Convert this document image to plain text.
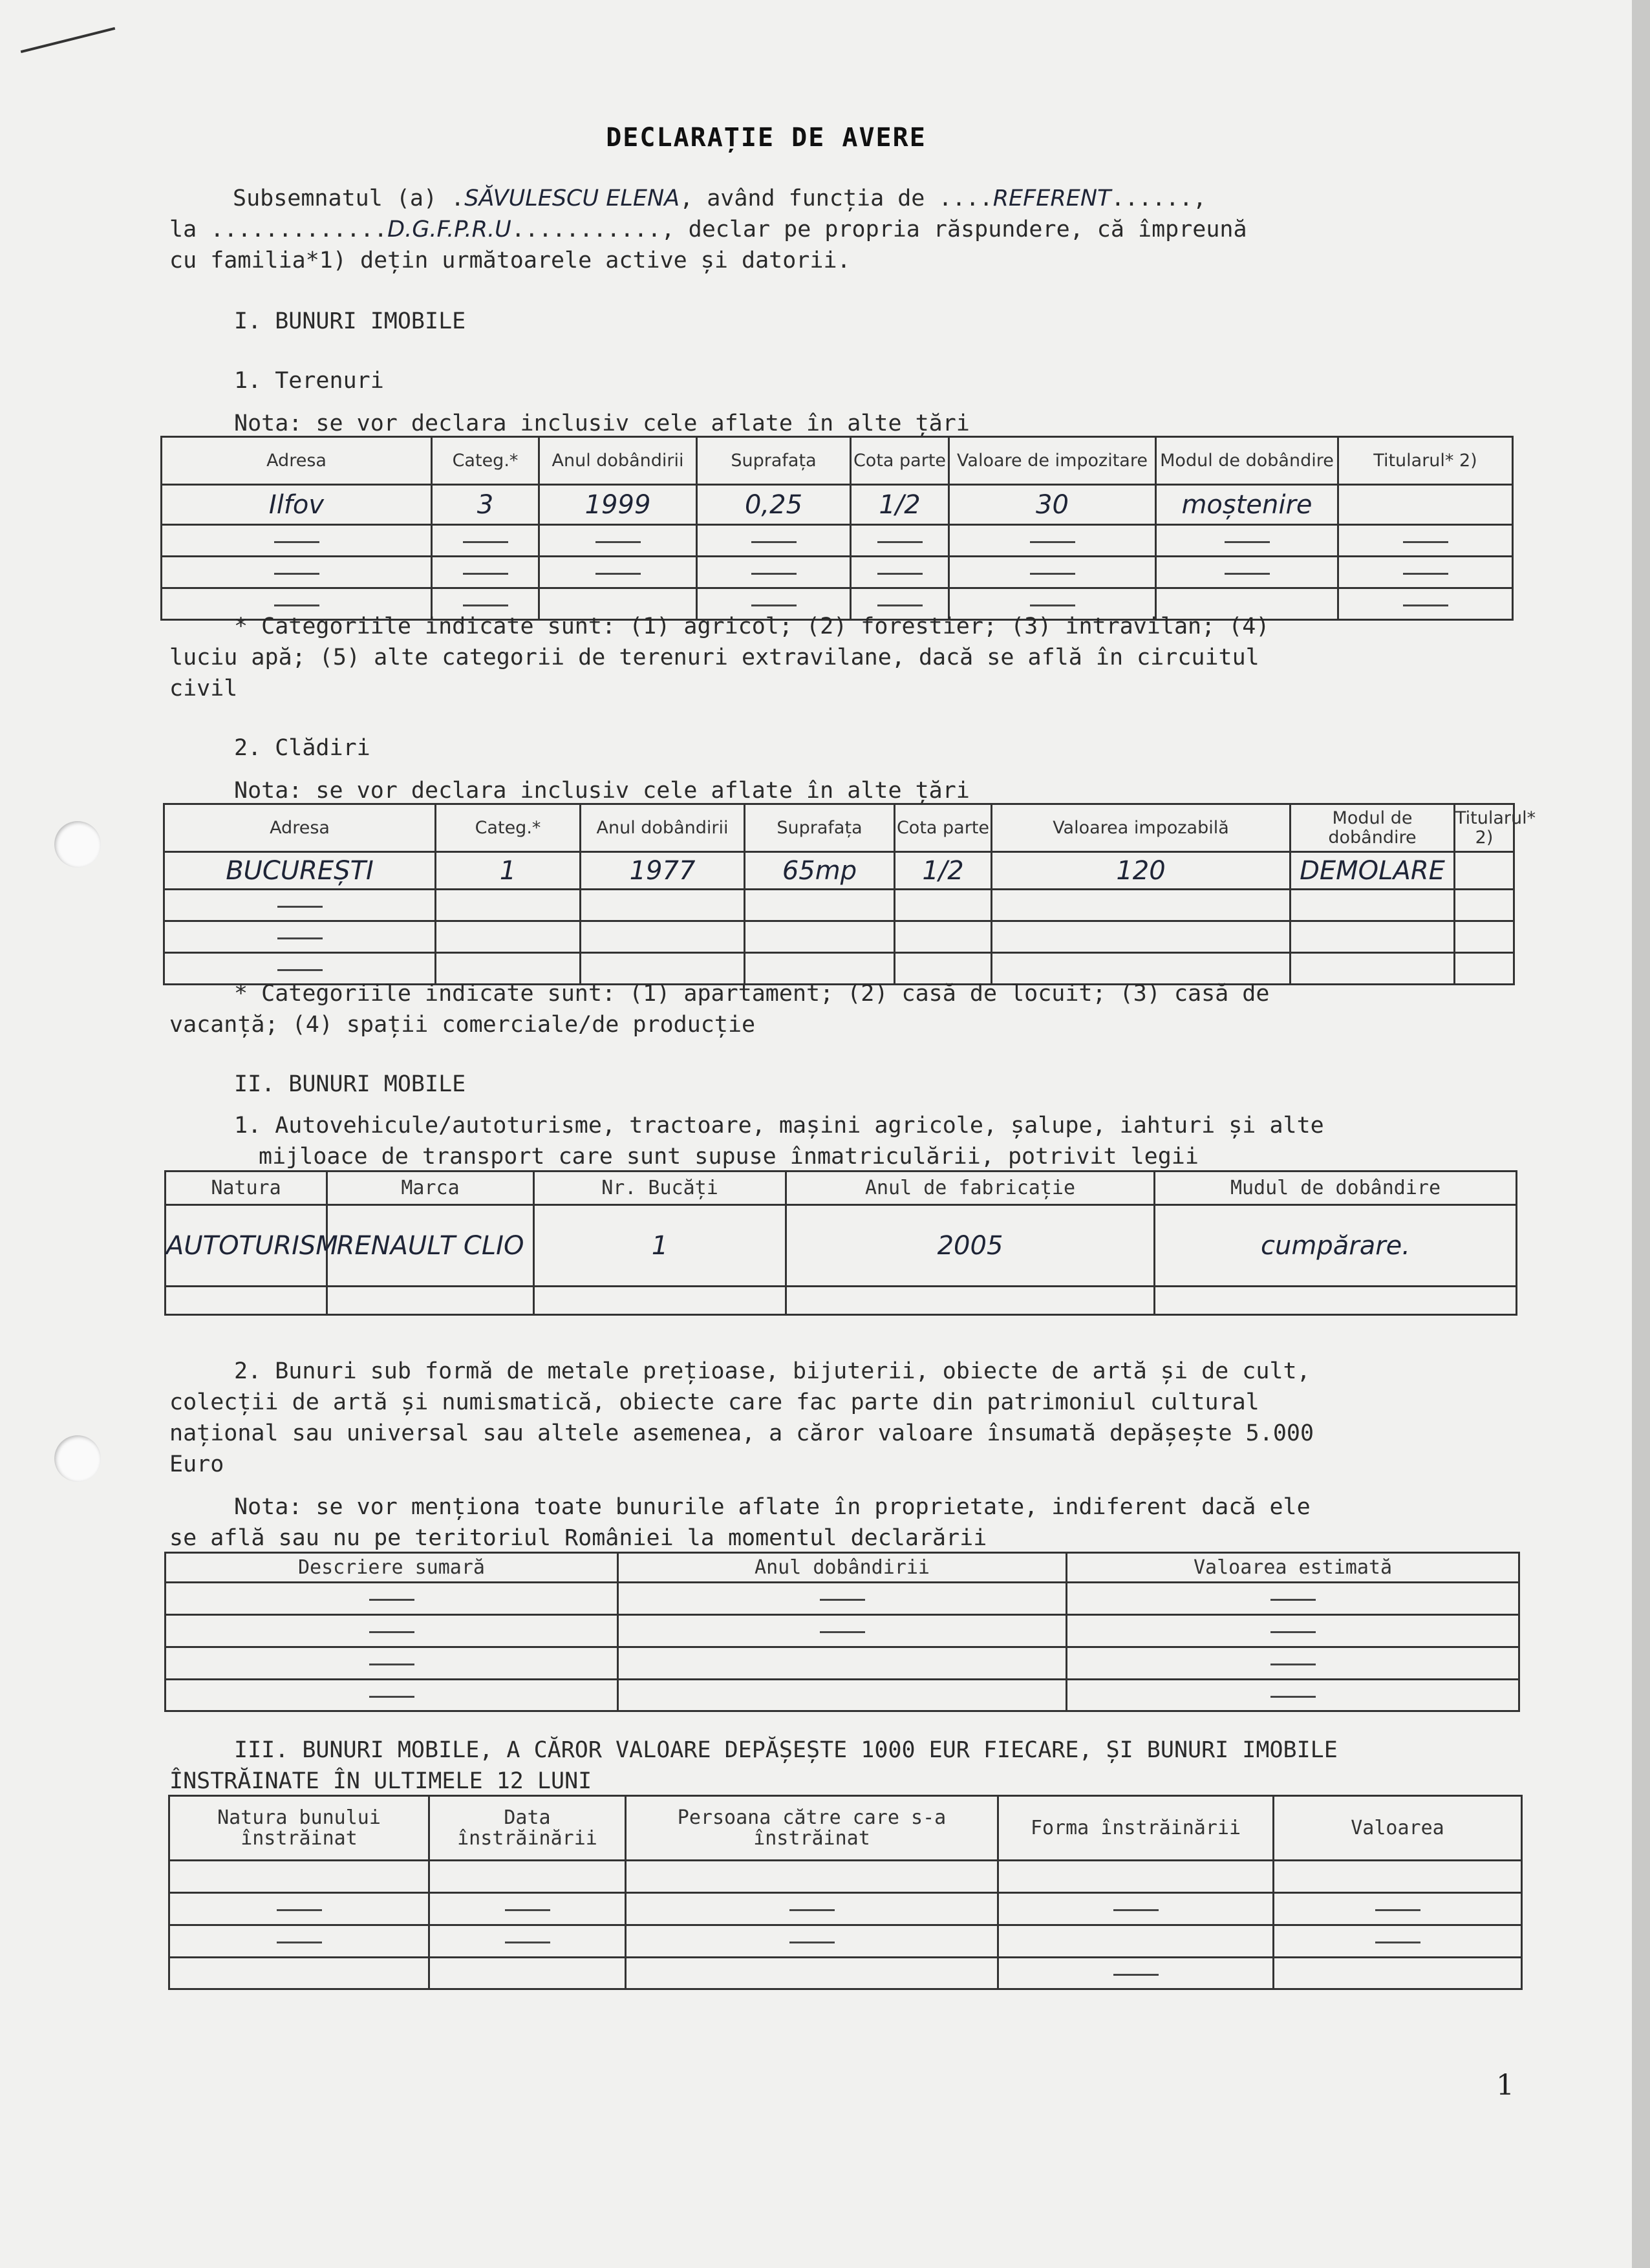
DECLARAȚIE DE AVERE
Subsemnatul (a) .SĂVULESCU ELENA, având funcția de ....REFERENT......,
la .............D.G.F.P.R.U..........., declar pe propria răspundere, că împreună
cu familia*1) dețin următoarele active și datorii.
I. BUNURI IMOBILE
1. Terenuri
Nota: se vor declara inclusiv cele aflate în alte țări
Adresa	Categ.*	Anul dobândirii	Suprafața	Cota parte	Valoare de impozitare	Modul de dobândire	Titularul* 2)
Ilfov	3	1999	0,25	1/2	30	moștenire	

* Categoriile indicate sunt: (1) agricol; (2) forestier; (3) intravilan; (4)
luciu apă; (5) alte categorii de terenuri extravilane, dacă se află în circuitul
civil
2. Clădiri
Nota: se vor declara inclusiv cele aflate în alte țări
Adresa	Categ.*	Anul dobândirii	Suprafața	Cota parte	Valoarea impozabilă	Modul de dobândire	Titularul* 2)
BUCUREȘTI	1	1977	65mp	1/2	120	DEMOLARE	

* Categoriile indicate sunt: (1) apartament; (2) casă de locuit; (3) casă de
vacanță; (4) spații comerciale/de producție
II. BUNURI MOBILE
1. Autovehicule/autoturisme, tractoare, mașini agricole, șalupe, iahturi și alte
mijloace de transport care sunt supuse înmatriculării, potrivit legii
Natura	Marca	Nr. Bucăți	Anul de fabricație	Mudul de dobândire
AUTOTURISM	RENAULT CLIO	1	2005	cumpărare.

2. Bunuri sub formă de metale prețioase, bijuterii, obiecte de artă și de cult,
colecții de artă și numismatică, obiecte care fac parte din patrimoniul cultural
național sau universal sau altele asemenea, a căror valoare însumată depășește 5.000
Euro
Nota: se vor menționa toate bunurile aflate în proprietate, indiferent dacă ele
se află sau nu pe teritoriul României la momentul declarării
Descriere sumară	Anul dobândirii	Valoarea estimată

III. BUNURI MOBILE, A CĂROR VALOARE DEPĂȘEȘTE 1000 EUR FIECARE, ȘI BUNURI IMOBILE
ÎNSTRĂINATE ÎN ULTIMELE 12 LUNI
Natura bunului înstrăinat	Data înstrăinării	Persoana către care s-a înstrăinat	Forma înstrăinării	Valoarea

1
